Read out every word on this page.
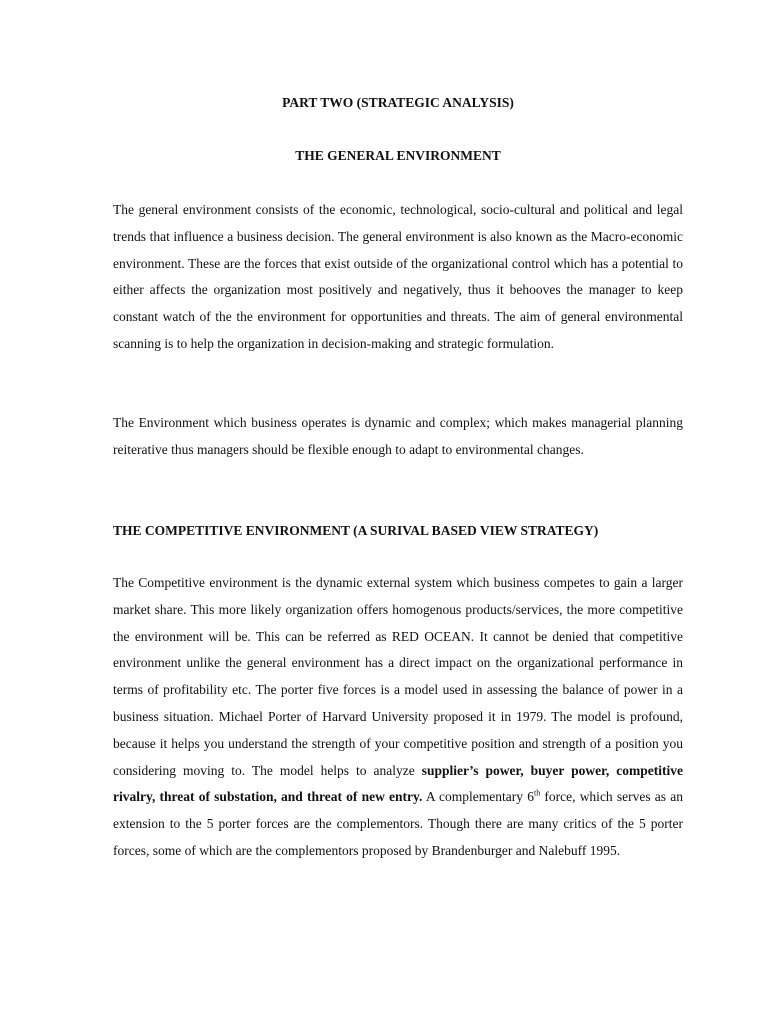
PART TWO (STRATEGIC ANALYSIS)

THE GENERAL ENVIRONMENT

The general environment consists of the economic, technological, socio-cultural and political and legal trends that influence a business decision. The general environment is also known as the Macro-economic environment. These are the forces that exist outside of the organizational control which has a potential to either affects the organization most positively and negatively, thus it behooves the manager to keep constant watch of the the environment for opportunities and threats. The aim of general environmental scanning is to help the organization in decision-making and strategic formulation.

The Environment which business operates is dynamic and complex; which makes managerial planning reiterative thus managers should be flexible enough to adapt to environmental changes.

THE COMPETITIVE ENVIRONMENT (A SURIVAL BASED VIEW STRATEGY)

The Competitive environment is the dynamic external system which business competes to gain a larger market share. This more likely organization offers homogenous products/services, the more competitive the environment will be. This can be referred as RED OCEAN. It cannot be denied that competitive environment unlike the general environment has a direct impact on the organizational performance in terms of profitability etc. The porter five forces is a model used in assessing the balance of power in a business situation. Michael Porter of Harvard University proposed it in 1979. The model is profound, because it helps you understand the strength of your competitive position and strength of a position you considering moving to. The model helps to analyze supplier’s power, buyer power, competitive rivalry, threat of substation, and threat of new entry. A complementary 6th force, which serves as an extension to the 5 porter forces are the complementors. Though there are many critics of the 5 porter forces, some of which are the complementors proposed by Brandenburger and Nalebuff 1995.
